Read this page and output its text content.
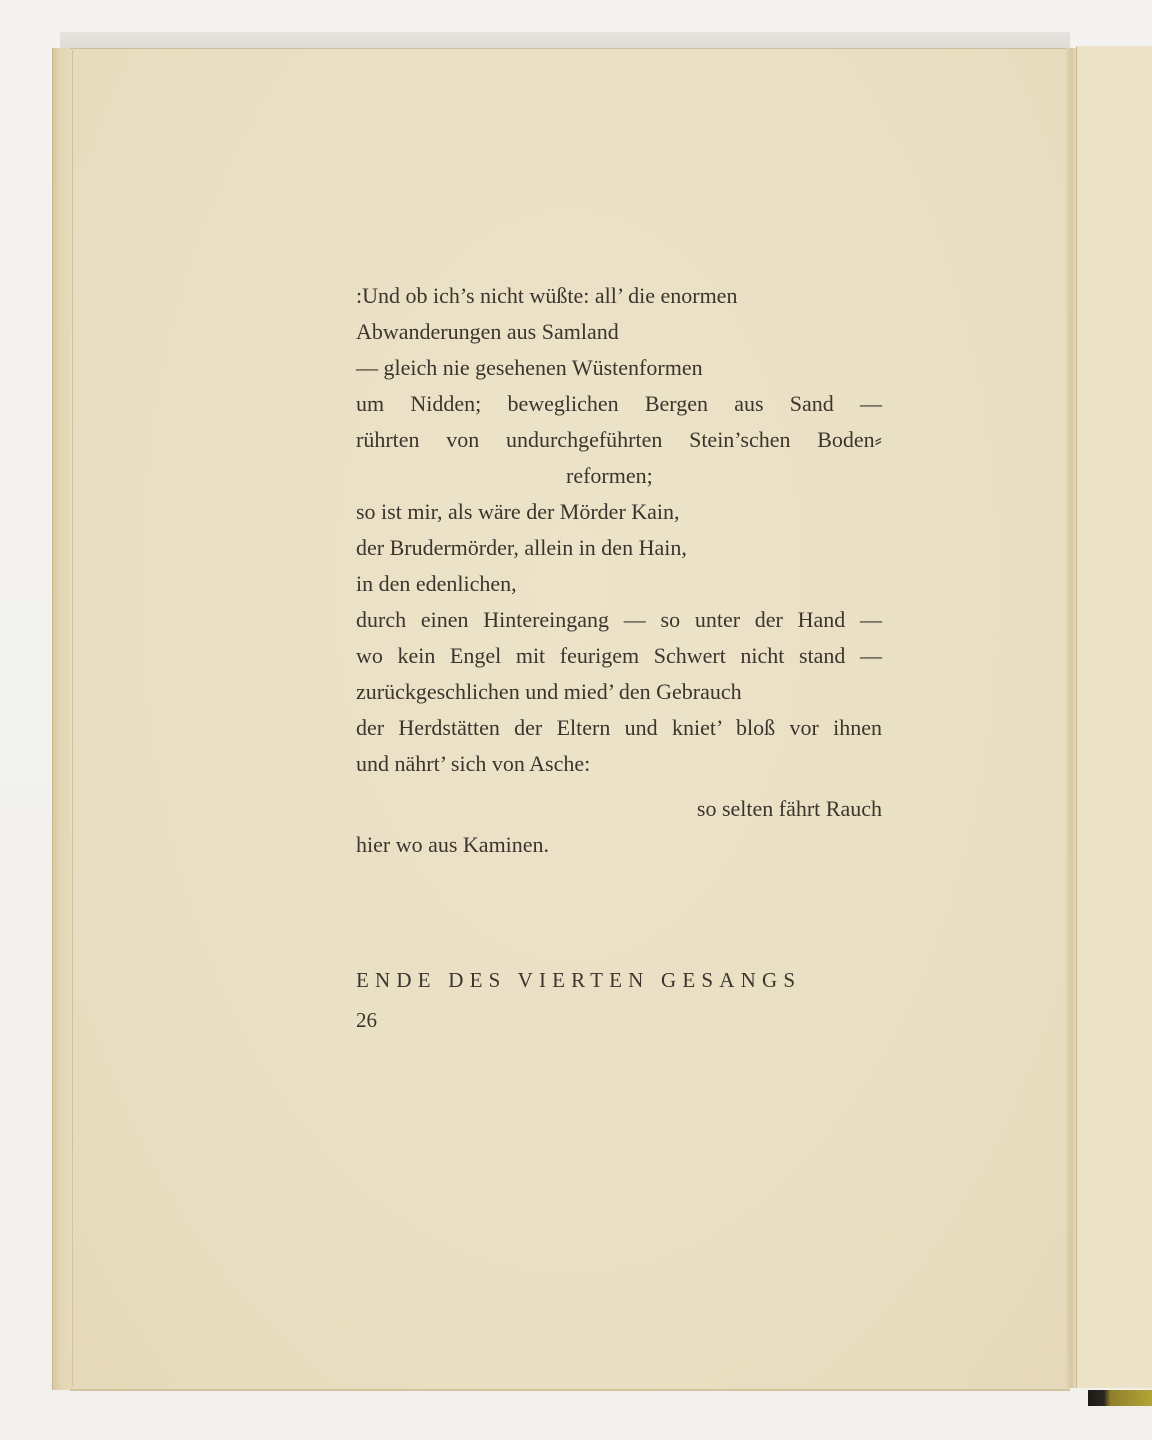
:Und ob ich’s nicht wüßte: all’ die enormen
Abwanderungen aus Samland
— gleich nie gesehenen Wüstenformen
um Nidden; beweglichen Bergen aus Sand —
rührten von undurchgeführten Stein’schen Boden⸗
reformen;
so ist mir, als wäre der Mörder Kain,
der Brudermörder, allein in den Hain,
in den edenlichen,
durch einen Hintereingang — so unter der Hand —
wo kein Engel mit feurigem Schwert nicht stand —
zurückgeschlichen und mied’ den Gebrauch
der Herdstätten der Eltern und kniet’ bloß vor ihnen
und nährt’ sich von Asche:
so selten fährt Rauch
hier wo aus Kaminen.
ENDE DES VIERTEN GESANGS
26
